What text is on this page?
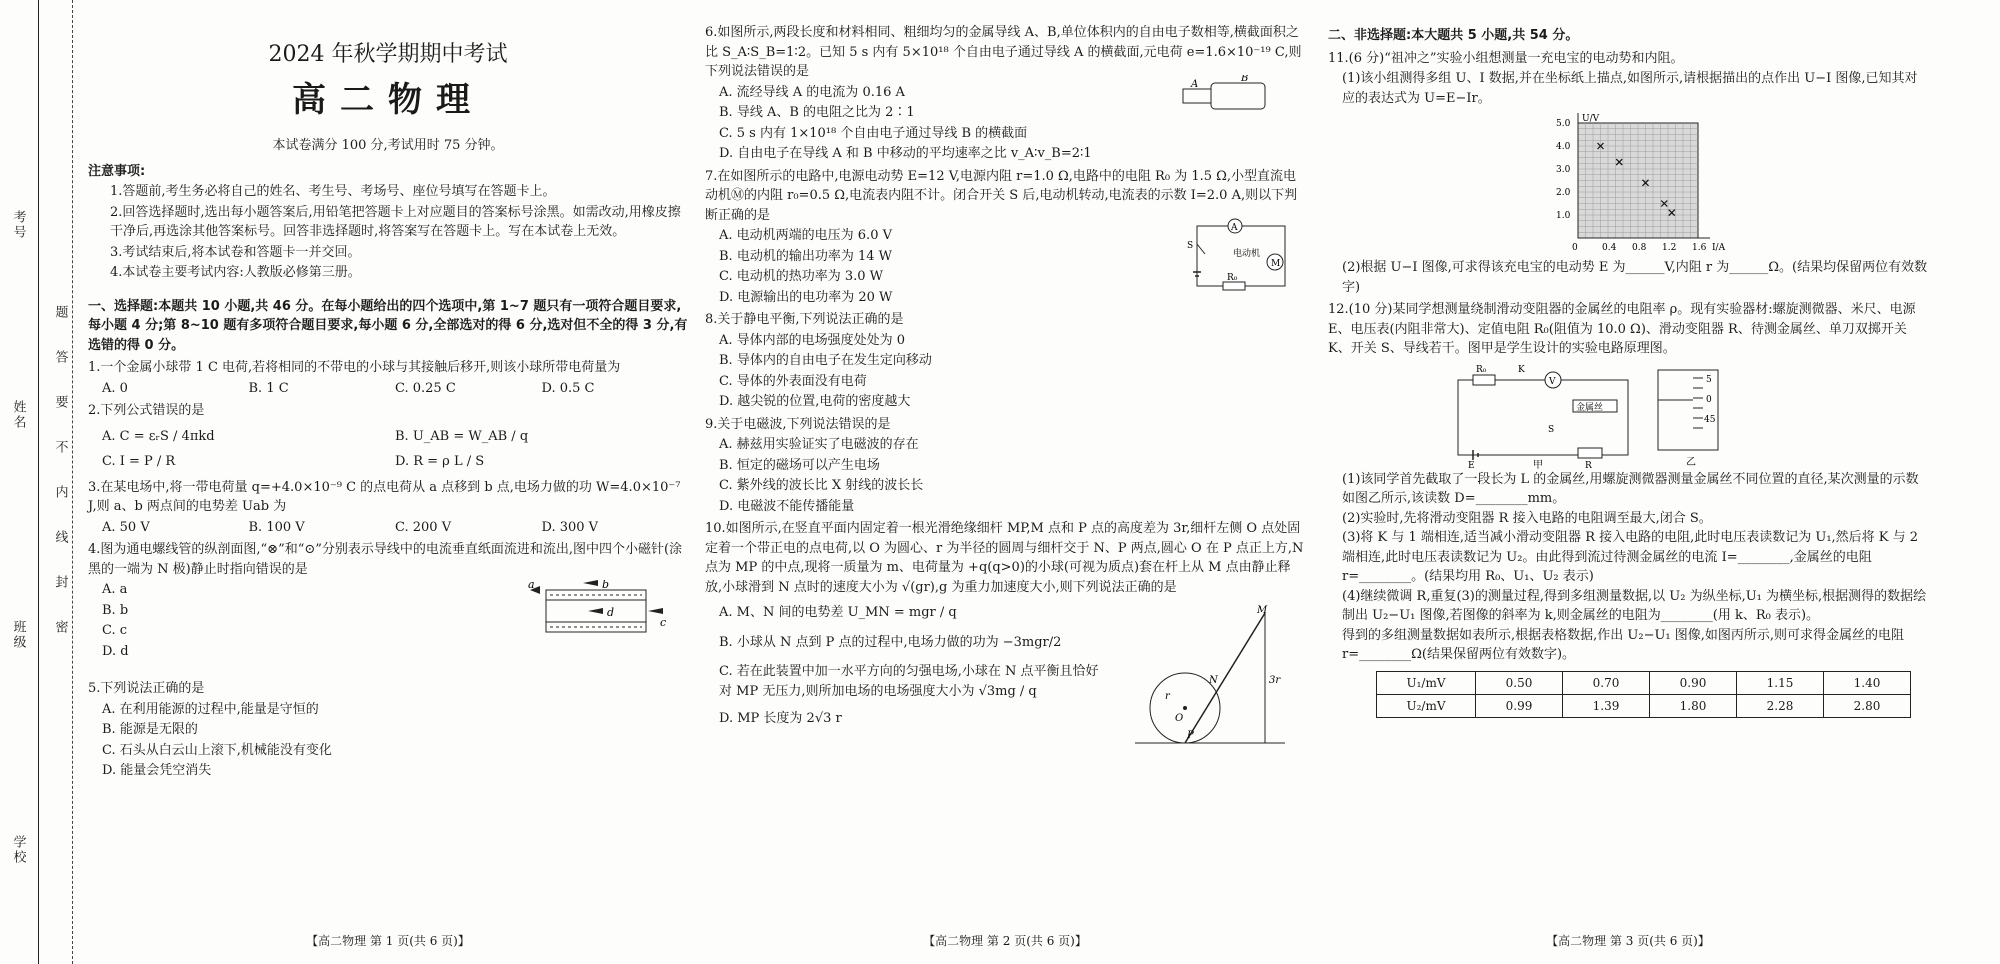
考号
姓名
班级
学校
题
答
要
不
内
线
封
密
2024 年秋学期期中考试
高二物理
本试卷满分 100 分,考试用时 75 分钟。
注意事项:
1.答题前,考生务必将自己的姓名、考生号、考场号、座位号填写在答题卡上。
2.回答选择题时,选出每小题答案后,用铅笔把答题卡上对应题目的答案标号涂黑。如需改动,用橡皮擦干净后,再选涂其他答案标号。回答非选择题时,将答案写在答题卡上。写在本试卷上无效。
3.考试结束后,将本试卷和答题卡一并交回。
4.本试卷主要考试内容:人教版必修第三册。
一、选择题:本题共 10 小题,共 46 分。在每小题给出的四个选项中,第 1~7 题只有一项符合题目要求,每小题 4 分;第 8~10 题有多项符合题目要求,每小题 6 分,全部选对的得 6 分,选对但不全的得 3 分,有选错的得 0 分。
1.一个金属小球带 1 C 电荷,若将相同的不带电的小球与其接触后移开,则该小球所带电荷量为
A. 0	B. 1 C	C. 0.25 C	D. 0.5 C
2.下列公式错误的是
A. C = εᵣS / 4πkd	B. U_AB = W_AB / q
C. I = P / R	D. R = ρ L / S
3.在某电场中,将一带电荷量 q=+4.0×10⁻⁹ C 的点电荷从 a 点移到 b 点,电场力做的功 W=4.0×10⁻⁷ J,则 a、b 两点间的电势差 Uab 为
A. 50 V	B. 100 V	C. 200 V	D. 300 V
4.图为通电螺线管的纵剖面图,“⊗”和“⊙”分别表示导线中的电流垂直纸面流进和流出,图中四个小磁针(涂黑的一端为 N 极)静止时指向错误的是
A. a
B. b
C. c
D. d
a	b
c
d
5.下列说法正确的是
A. 在利用能源的过程中,能量是守恒的
B. 能源是无限的
C. 石头从白云山上滚下,机械能没有变化
D. 能量会凭空消失
【高二物理 第 1 页(共 6 页)】
6.如图所示,两段长度和材料相同、粗细均匀的金属导线 A、B,单位体积内的自由电子数相等,横截面积之比 S_A∶S_B=1∶2。已知 5 s 内有 5×10¹⁸ 个自由电子通过导线 A 的横截面,元电荷 e=1.6×10⁻¹⁹ C,则下列说法错误的是
A. 流经导线 A 的电流为 0.16 A
B. 导线 A、B 的电阻之比为 2∶1
C. 5 s 内有 1×10¹⁸ 个自由电子通过导线 B 的横截面
D. 自由电子在导线 A 和 B 中移动的平均速率之比 v_A∶v_B=2∶1
A
B
7.在如图所示的电路中,电源电动势 E=12 V,电源内阻 r=1.0 Ω,电路中的电阻 R₀ 为 1.5 Ω,小型直流电动机Ⓜ的内阻 r₀=0.5 Ω,电流表内阻不计。闭合开关 S 后,电动机转动,电流表的示数 I=2.0 A,则以下判断正确的是
A. 电动机两端的电压为 6.0 V
B. 电动机的输出功率为 14 W
C. 电动机的热功率为 3.0 W
D. 电源输出的电功率为 20 W
A
S
M
电动机
R₀
8.关于静电平衡,下列说法正确的是
A. 导体内部的电场强度处处为 0
B. 导体内的自由电子在发生定向移动
C. 导体的外表面没有电荷
D. 越尖锐的位置,电荷的密度越大
9.关于电磁波,下列说法错误的是
A. 赫兹用实验证实了电磁波的存在
B. 恒定的磁场可以产生电场
C. 紫外线的波长比 X 射线的波长长
D. 电磁波不能传播能量
10.如图所示,在竖直平面内固定着一根光滑绝缘细杆 MP,M 点和 P 点的高度差为 3r,细杆左侧 O 点处固定着一个带正电的点电荷,以 O 为圆心、r 为半径的圆周与细杆交于 N、P 两点,圆心 O 在 P 点正上方,N 点为 MP 的中点,现将一质量为 m、电荷量为 +q(q>0)的小球(可视为质点)套在杆上从 M 点由静止释放,小球滑到 N 点时的速度大小为 √(gr),g 为重力加速度大小,则下列说法正确的是
A. M、N 间的电势差 U_MN = mgr / q
B. 小球从 N 点到 P 点的过程中,电场力做的功为 −3mgr/2
C. 若在此装置中加一水平方向的匀强电场,小球在 N 点平衡且恰好对 MP 无压力,则所加电场的电场强度大小为 √3mg / q
D. MP 长度为 2√3 r
M
N
O
P
r
3r
【高二物理 第 2 页(共 6 页)】
二、非选择题:本大题共 5 小题,共 54 分。
11.(6 分)“祖冲之”实验小组想测量一充电宝的电动势和内阻。
(1)该小组测得多组 U、I 数据,并在坐标纸上描点,如图所示,请根据描出的点作出 U−I 图像,已知其对应的表达式为 U=E−Ir。
0	0.4 0.8 1.2 1.6
1.0
2.0
3.0
4.0
5.0
I/A
U/V
(2)根据 U−I 图像,可求得该充电宝的电动势 E 为______V,内阻 r 为______Ω。(结果均保留两位有效数字)
12.(10 分)某同学想测量绕制滑动变阻器的金属丝的电阻率 ρ。现有实验器材:螺旋测微器、米尺、电源 E、电压表(内阻非常大)、定值电阻 R₀(阻值为 10.0 Ω)、滑动变阻器 R、待测金属丝、单刀双掷开关 K、开关 S、导线若干。图甲是学生设计的实验电路原理图。
R₀	K
V
金属丝
S
R
E	甲
5
0
45
乙
(1)该同学首先截取了一段长为 L 的金属丝,用螺旋测微器测量金属丝不同位置的直径,某次测量的示数如图乙所示,该读数 D=________mm。
(2)实验时,先将滑动变阻器 R 接入电路的电阻调至最大,闭合 S。
(3)将 K 与 1 端相连,适当减小滑动变阻器 R 接入电路的电阻,此时电压表读数记为 U₁,然后将 K 与 2 端相连,此时电压表读数记为 U₂。由此得到流过待测金属丝的电流 I=________,金属丝的电阻 r=________。(结果均用 R₀、U₁、U₂ 表示)
(4)继续微调 R,重复(3)的测量过程,得到多组测量数据,以 U₂ 为纵坐标,U₁ 为横坐标,根据测得的数据绘制出 U₂−U₁ 图像,若图像的斜率为 k,则金属丝的电阻为________(用 k、R₀ 表示)。
得到的多组测量数据如表所示,根据表格数据,作出 U₂−U₁ 图像,如图丙所示,则可求得金属丝的电阻 r=________Ω(结果保留两位有效数字)。
U₁/mV	0.50	0.70	0.90	1.15	1.40
U₂/mV	0.99	1.39	1.80	2.28	2.80
【高二物理 第 3 页(共 6 页)】
